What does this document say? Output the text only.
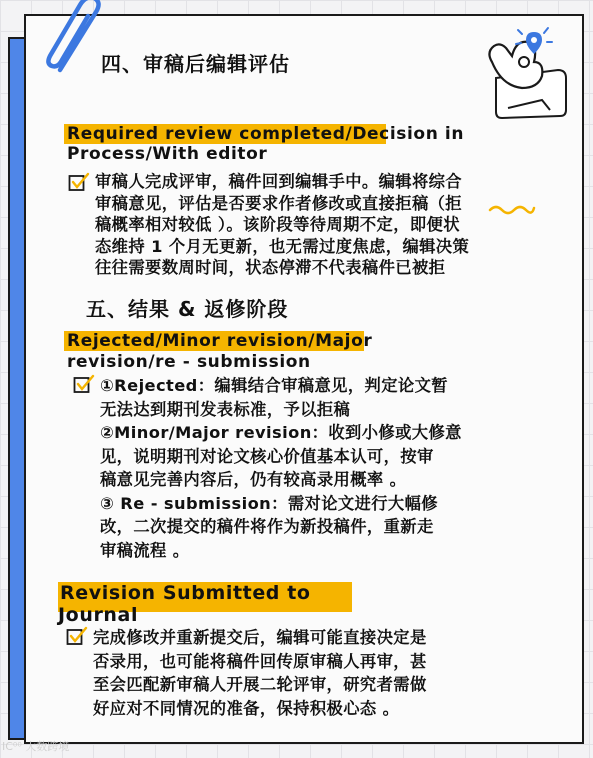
四、审稿后编辑评估
Required review completed/Decision in
Process/With editor
审稿人完成评审，稿件回到编辑手中。编辑将综合
审稿意见，评估是否要求作者修改或直接拒稿（拒
稿概率相对较低 ）。该阶段等待周期不定，即便状
态维持 1 个月无更新，也无需过度焦虑，编辑决策
往往需要数周时间，状态停滞不代表稿件已被拒
五、结果 & 返修阶段
Rejected/Minor revision/Major
revision/re - submission
①Rejected：编辑结合审稿意见，判定论文暂
无法达到期刊发表标准，予以拒稿
②Minor/Major revision：收到小修或大修意
见，说明期刊对论文核心价值基本认可，按审
稿意见完善内容后，仍有较高录用概率 。
③ Re - submission：需对论文进行大幅修
改，二次提交的稿件将作为新投稿件，重新走
审稿流程 。
Revision Submitted to
Journal
完成修改并重新提交后，编辑可能直接决定是
否录用，也可能将稿件回传原审稿人再审，甚
至会匹配新审稿人开展二轮评审，研究者需做
好应对不同情况的准备，保持积极心态 。
IC⁰⁰ 大数跨境
